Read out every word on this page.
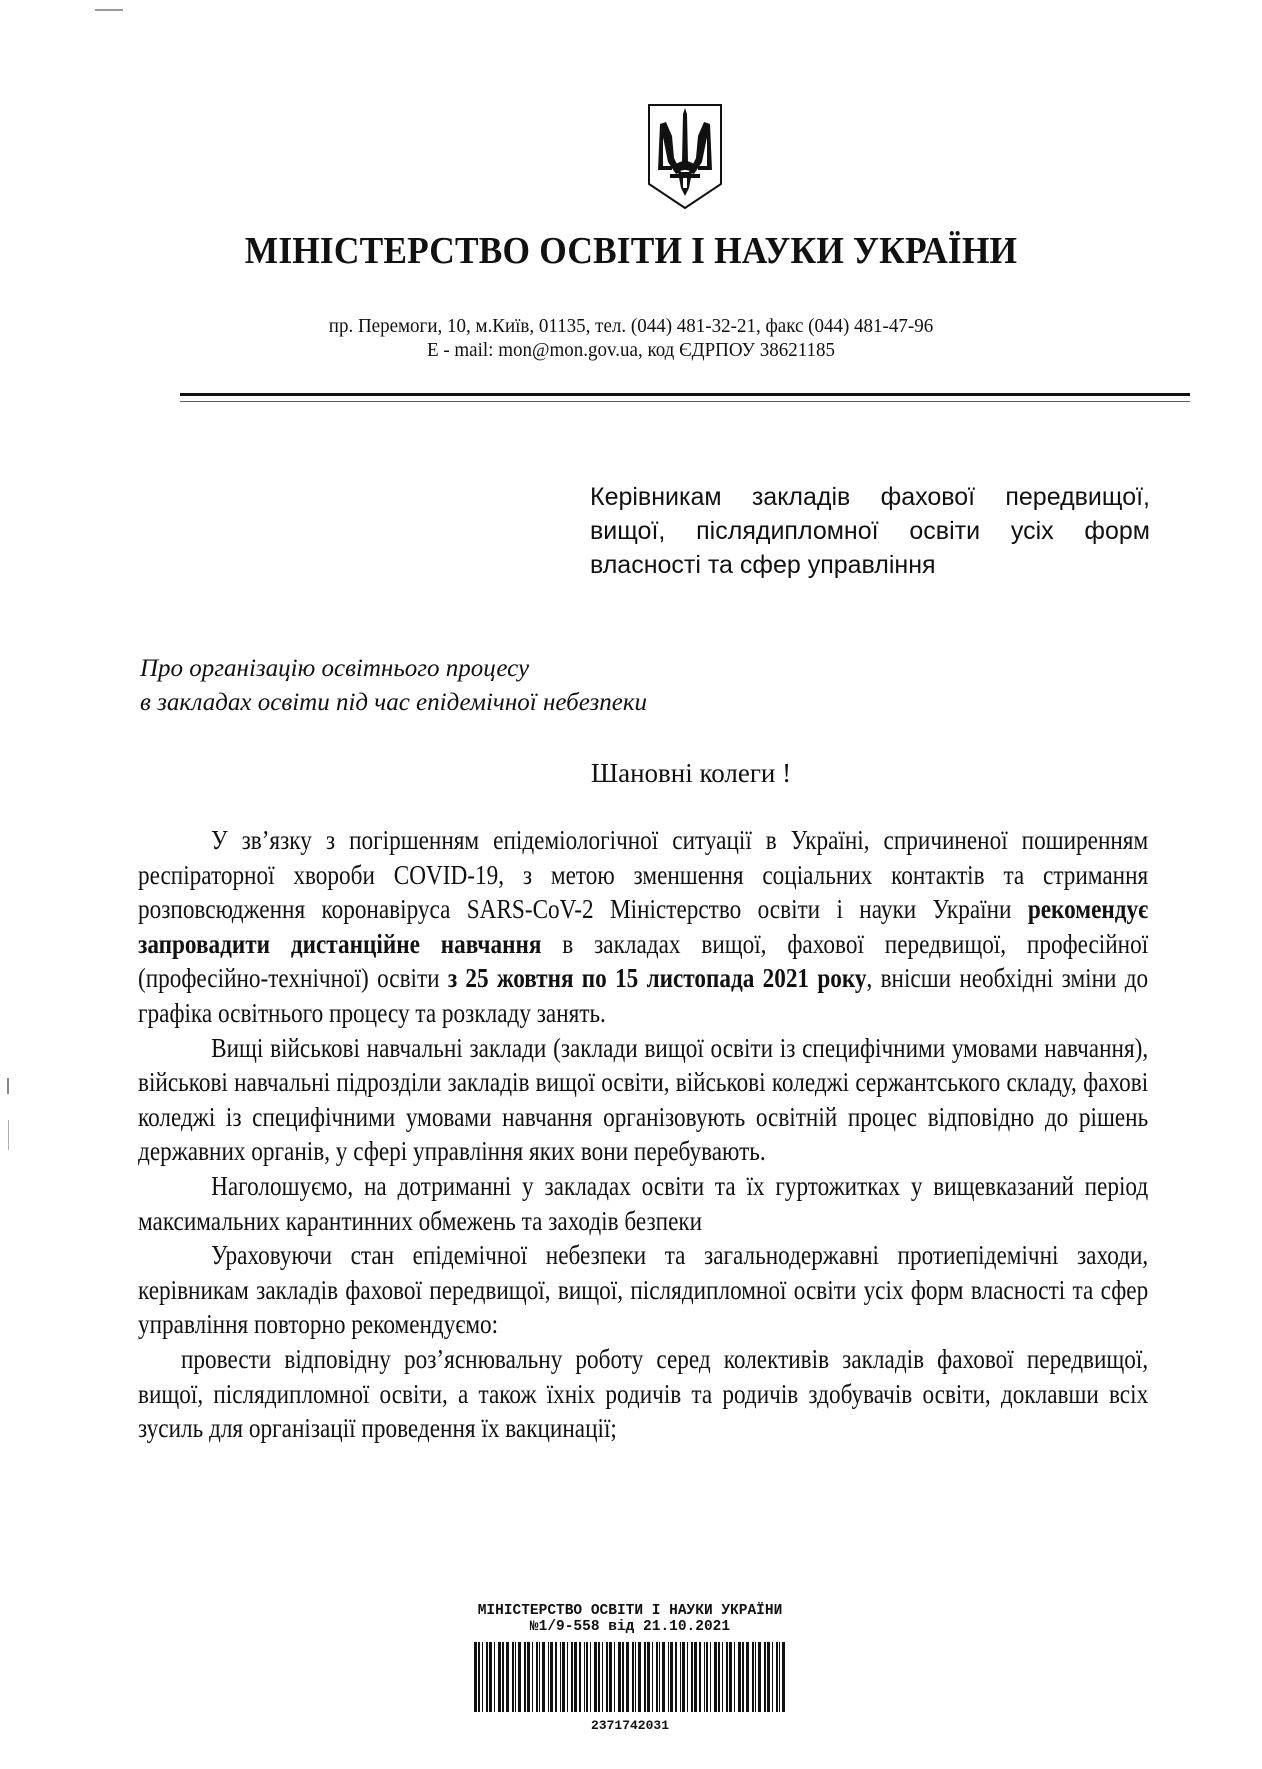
МІНІСТЕРСТВО ОСВІТИ І НАУКИ УКРАЇНИ
пр. Перемоги, 10, м.Київ, 01135, тел. (044) 481-32-21, факс (044) 481-47-96
E - mail: mon@mon.gov.ua, код ЄДРПОУ 38621185
Керівникам закладів фахової передвищої, вищої, післядипломної освіти усіх форм власності та сфер управління
Про організацію освітнього процесу
в закладах освіти під час епідемічної небезпеки
Шановні колеги !

У зв’язку з погіршенням епідеміологічної ситуації в Україні, спричиненої поширенням респіраторної хвороби COVID-19, з метою зменшення соціальних контактів та стримання розповсюдження коронавіруса SARS-CoV-2 Міністерство освіти і науки України рекомендує запровадити дистанційне навчання в закладах вищої, фахової передвищої, професійної (професійно-технічної) освіти з 25 жовтня по 15 листопада 2021 року, внісши необхідні зміни до графіка освітнього процесу та розкладу занять.

Вищі військові навчальні заклади (заклади вищої освіти із специфічними умовами навчання), військові навчальні підрозділи закладів вищої освіти, військові коледжі сержантського складу, фахові коледжі із специфічними умовами навчання організовують освітній процес відповідно до рішень державних органів, у сфері управління яких вони перебувають.

Наголошуємо, на дотриманні у закладах освіти та їх гуртожитках у вищевказаний період максимальних карантинних обмежень та заходів безпеки

Ураховуючи стан епідемічної небезпеки та загальнодержавні протиепідемічні заходи, керівникам закладів фахової передвищої, вищої, післядипломної освіти усіх форм власності та сфер управління повторно рекомендуємо:

провести відповідну роз’яснювальну роботу серед колективів закладів фахової передвищої, вищої, післядипломної освіти, а також їхніх родичів та родичів здобувачів освіти, доклавши всіх зусиль для організації проведення їх вакцинації;

МІНІСТЕРСТВО ОСВІТИ І НАУКИ УКРАЇНИ
№1/9-558 від 21.10.2021
2371742031
